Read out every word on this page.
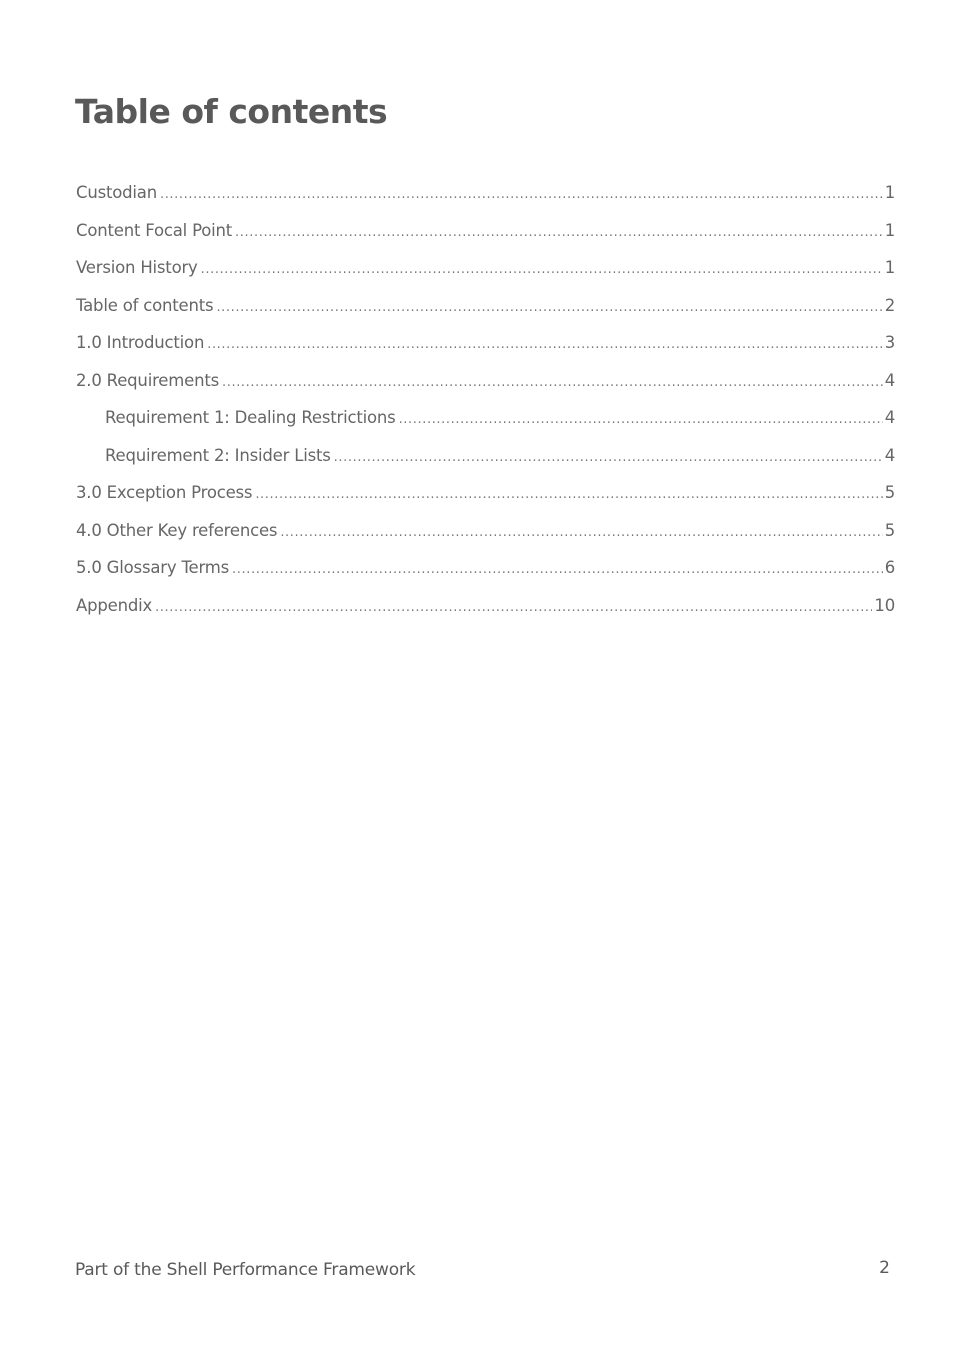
Table of contents
Custodian .....	1
Content Focal Point .....	1
Version History .....	1
Table of contents .....	2
1.0 Introduction .....	3
2.0 Requirements .....	4
Requirement 1: Dealing Restrictions .....	4
Requirement 2: Insider Lists .....	4
3.0 Exception Process .....	5
4.0 Other Key references .....	5
5.0 Glossary Terms .....	6
Appendix .....	10
Part of the Shell Performance Framework	2
